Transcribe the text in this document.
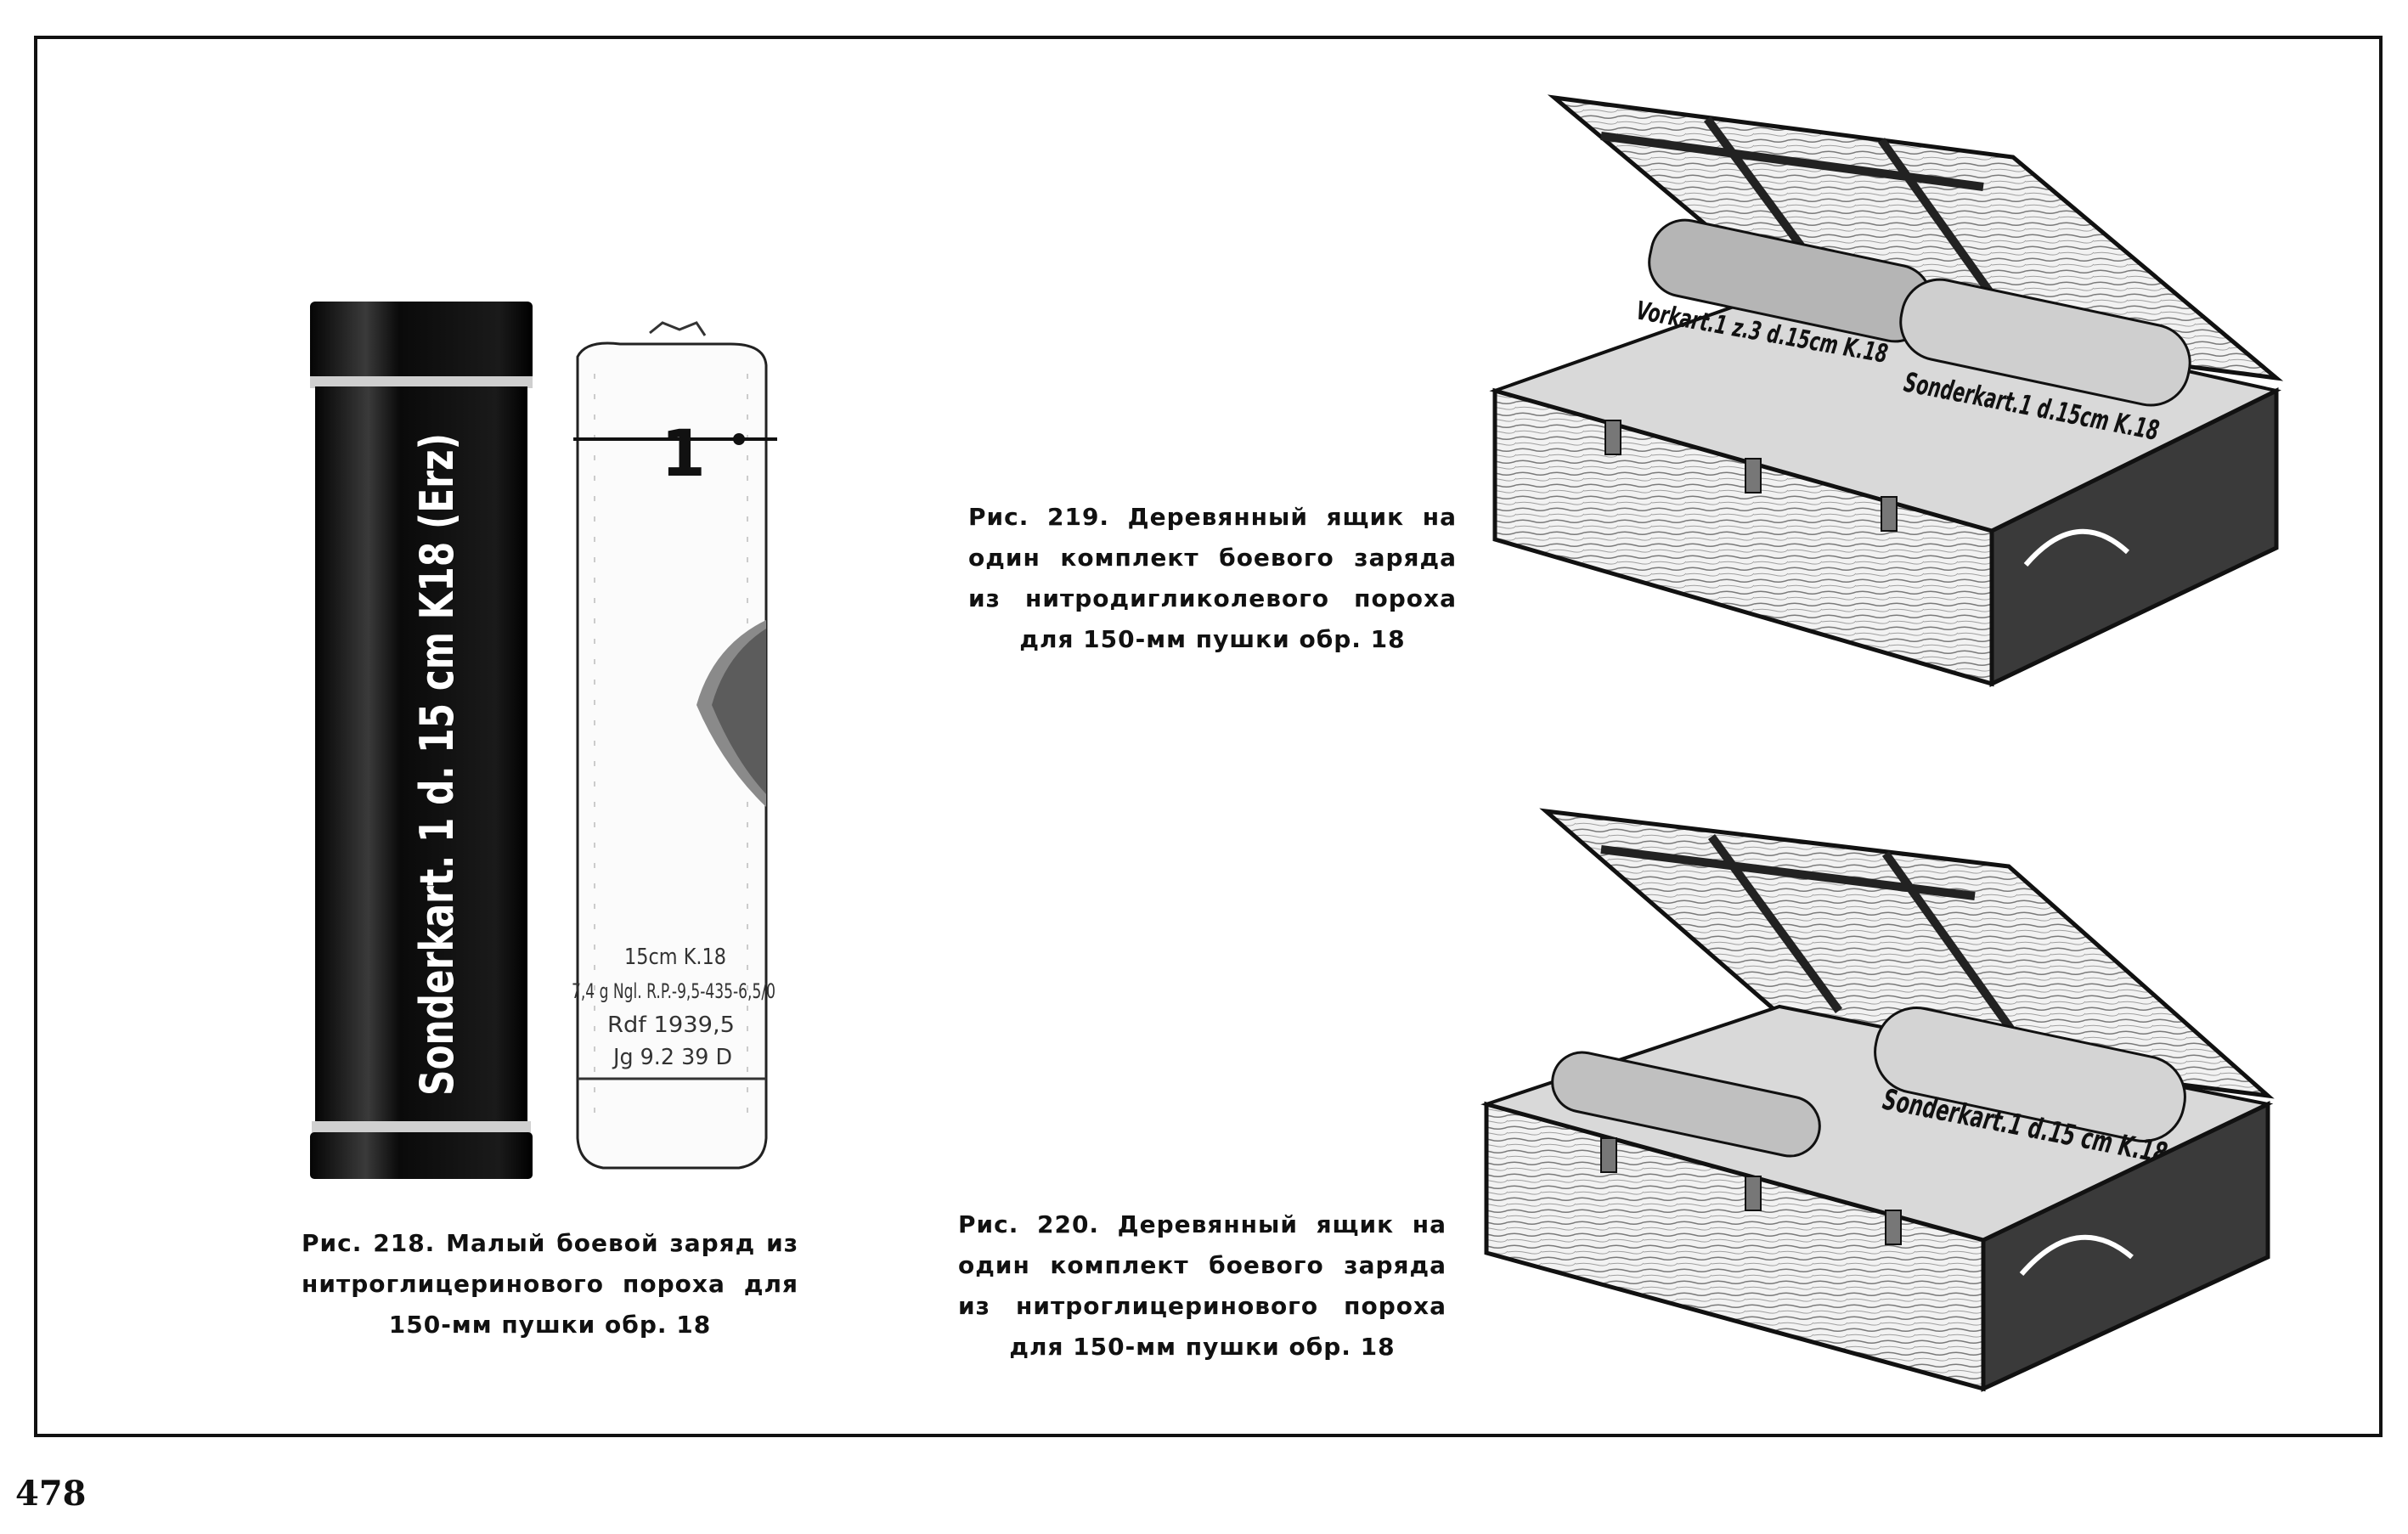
Sonderkart. 1 d. 15 cm K18 (Erz)	1
15cm K.18
7,4 g Ngl. R.P.-9,5-435-6,5/0
Rdf 1939,5
Jg 9.2 39 D
Рис. 218. Малый боевой заряд из нитроглицеринового пороха для 150-мм пушки обр. 18
Vorkart.1 z.3 d.15cm K.18
Sonderkart.1 d.15cm K.18
Рис. 219. Деревянный ящик на один комплект боевого заряда из нитродигликолевого пороха для 150-мм пушки обр. 18
Sonderkart.1 d.15 cm K.18
Рис. 220. Деревянный ящик на один комплект боевого заряда из нитроглицеринового пороха для 150-мм пушки обр. 18
478
